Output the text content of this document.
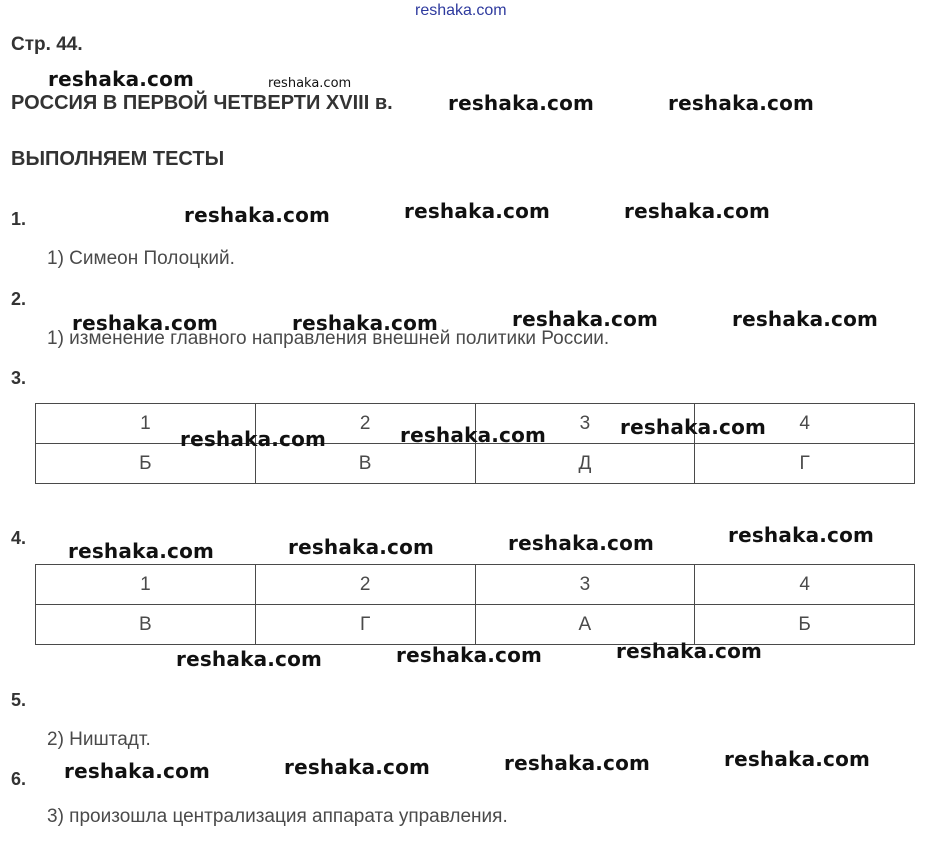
reshaka.com
Стр. 44.
РОССИЯ В ПЕРВОЙ ЧЕТВЕРТИ XVIII в.
ВЫПОЛНЯЕМ ТЕСТЫ
1.
1) Симеон Полоцкий.
2.
1) изменение главного направления внешней политики России.
3.
1	2	3	4
Б	В	Д	Г
4.
1	2	3	4
В	Г	А	Б
5.
2) Ништадт.
6.
3) произошла централизация аппарата управления.
reshaka.com	reshaka.com
reshaka.com	reshaka.com
reshaka.com	reshaka.com	reshaka.com
reshaka.com	reshaka.com	reshaka.com	reshaka.com
reshaka.com	reshaka.com	reshaka.com
reshaka.com	reshaka.com	reshaka.com	reshaka.com
reshaka.com	reshaka.com	reshaka.com
reshaka.com	reshaka.com	reshaka.com	reshaka.com
